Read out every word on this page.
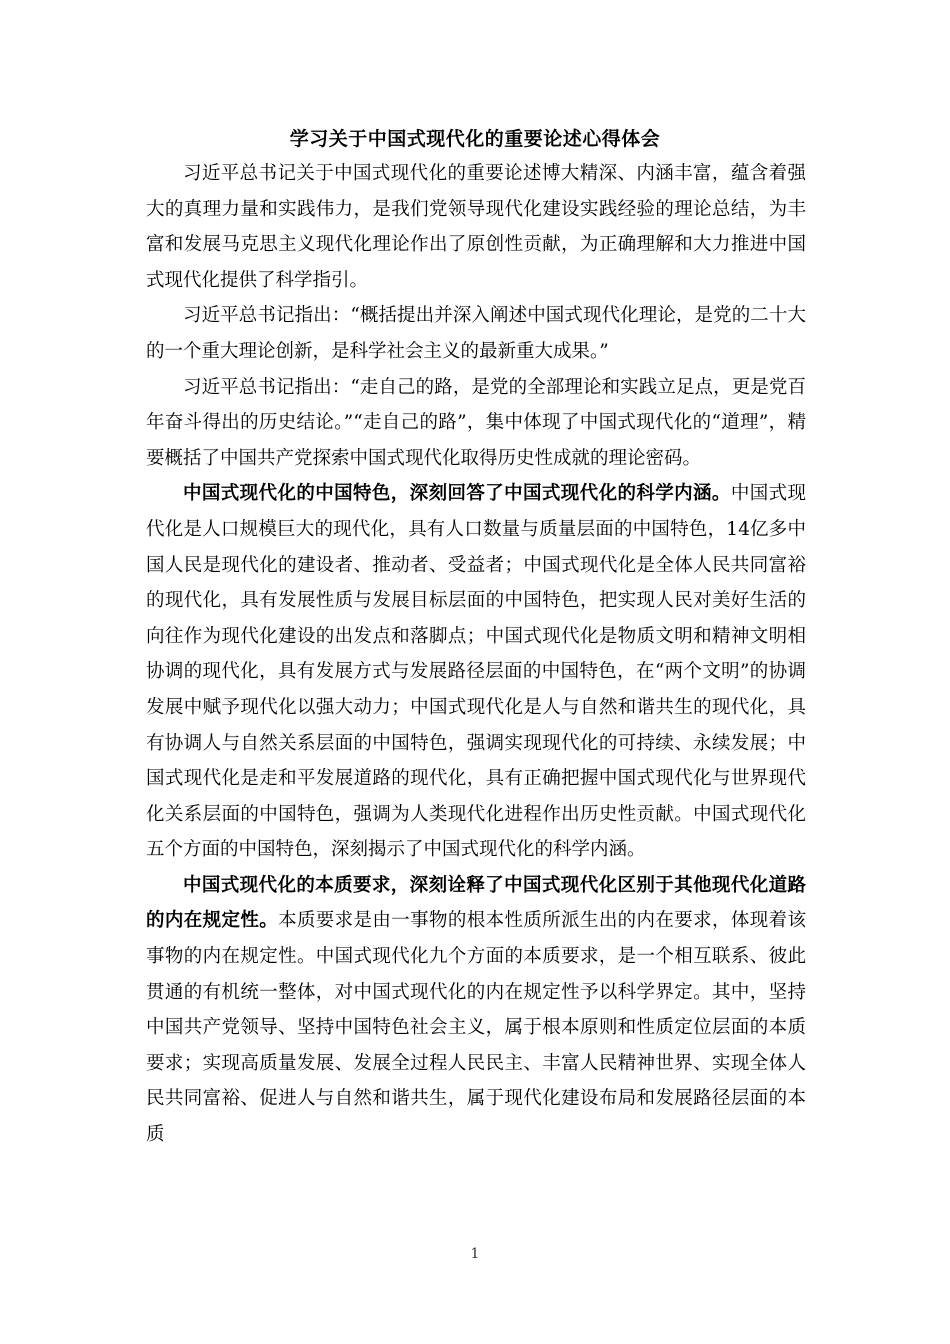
学习关于中国式现代化的重要论述心得体会

习近平总书记关于中国式现代化的重要论述博大精深、内涵丰富，蕴含着强大的真理力量和实践伟力，是我们党领导现代化建设实践经验的理论总结，为丰富和发展马克思主义现代化理论作出了原创性贡献，为正确理解和大力推进中国式现代化提供了科学指引。

习近平总书记指出：“概括提出并深入阐述中国式现代化理论，是党的二十大的一个重大理论创新，是科学社会主义的最新重大成果。”

习近平总书记指出：“走自己的路，是党的全部理论和实践立足点，更是党百年奋斗得出的历史结论。”“走自己的路”，集中体现了中国式现代化的“道理”，精要概括了中国共产党探索中国式现代化取得历史性成就的理论密码。

中国式现代化的中国特色，深刻回答了中国式现代化的科学内涵。中国式现代化是人口规模巨大的现代化，具有人口数量与质量层面的中国特色，14亿多中国人民是现代化的建设者、推动者、受益者；中国式现代化是全体人民共同富裕的现代化，具有发展性质与发展目标层面的中国特色，把实现人民对美好生活的向往作为现代化建设的出发点和落脚点；中国式现代化是物质文明和精神文明相协调的现代化，具有发展方式与发展路径层面的中国特色，在“两个文明”的协调发展中赋予现代化以强大动力；中国式现代化是人与自然和谐共生的现代化，具有协调人与自然关系层面的中国特色，强调实现现代化的可持续、永续发展；中国式现代化是走和平发展道路的现代化，具有正确把握中国式现代化与世界现代化关系层面的中国特色，强调为人类现代化进程作出历史性贡献。中国式现代化五个方面的中国特色，深刻揭示了中国式现代化的科学内涵。

中国式现代化的本质要求，深刻诠释了中国式现代化区别于其他现代化道路的内在规定性。本质要求是由一事物的根本性质所派生出的内在要求，体现着该事物的内在规定性。中国式现代化九个方面的本质要求，是一个相互联系、彼此贯通的有机统一整体，对中国式现代化的内在规定性予以科学界定。其中，坚持中国共产党领导、坚持中国特色社会主义，属于根本原则和性质定位层面的本质要求；实现高质量发展、发展全过程人民民主、丰富人民精神世界、实现全体人民共同富裕、促进人与自然和谐共生，属于现代化建设布局和发展路径层面的本质

1
